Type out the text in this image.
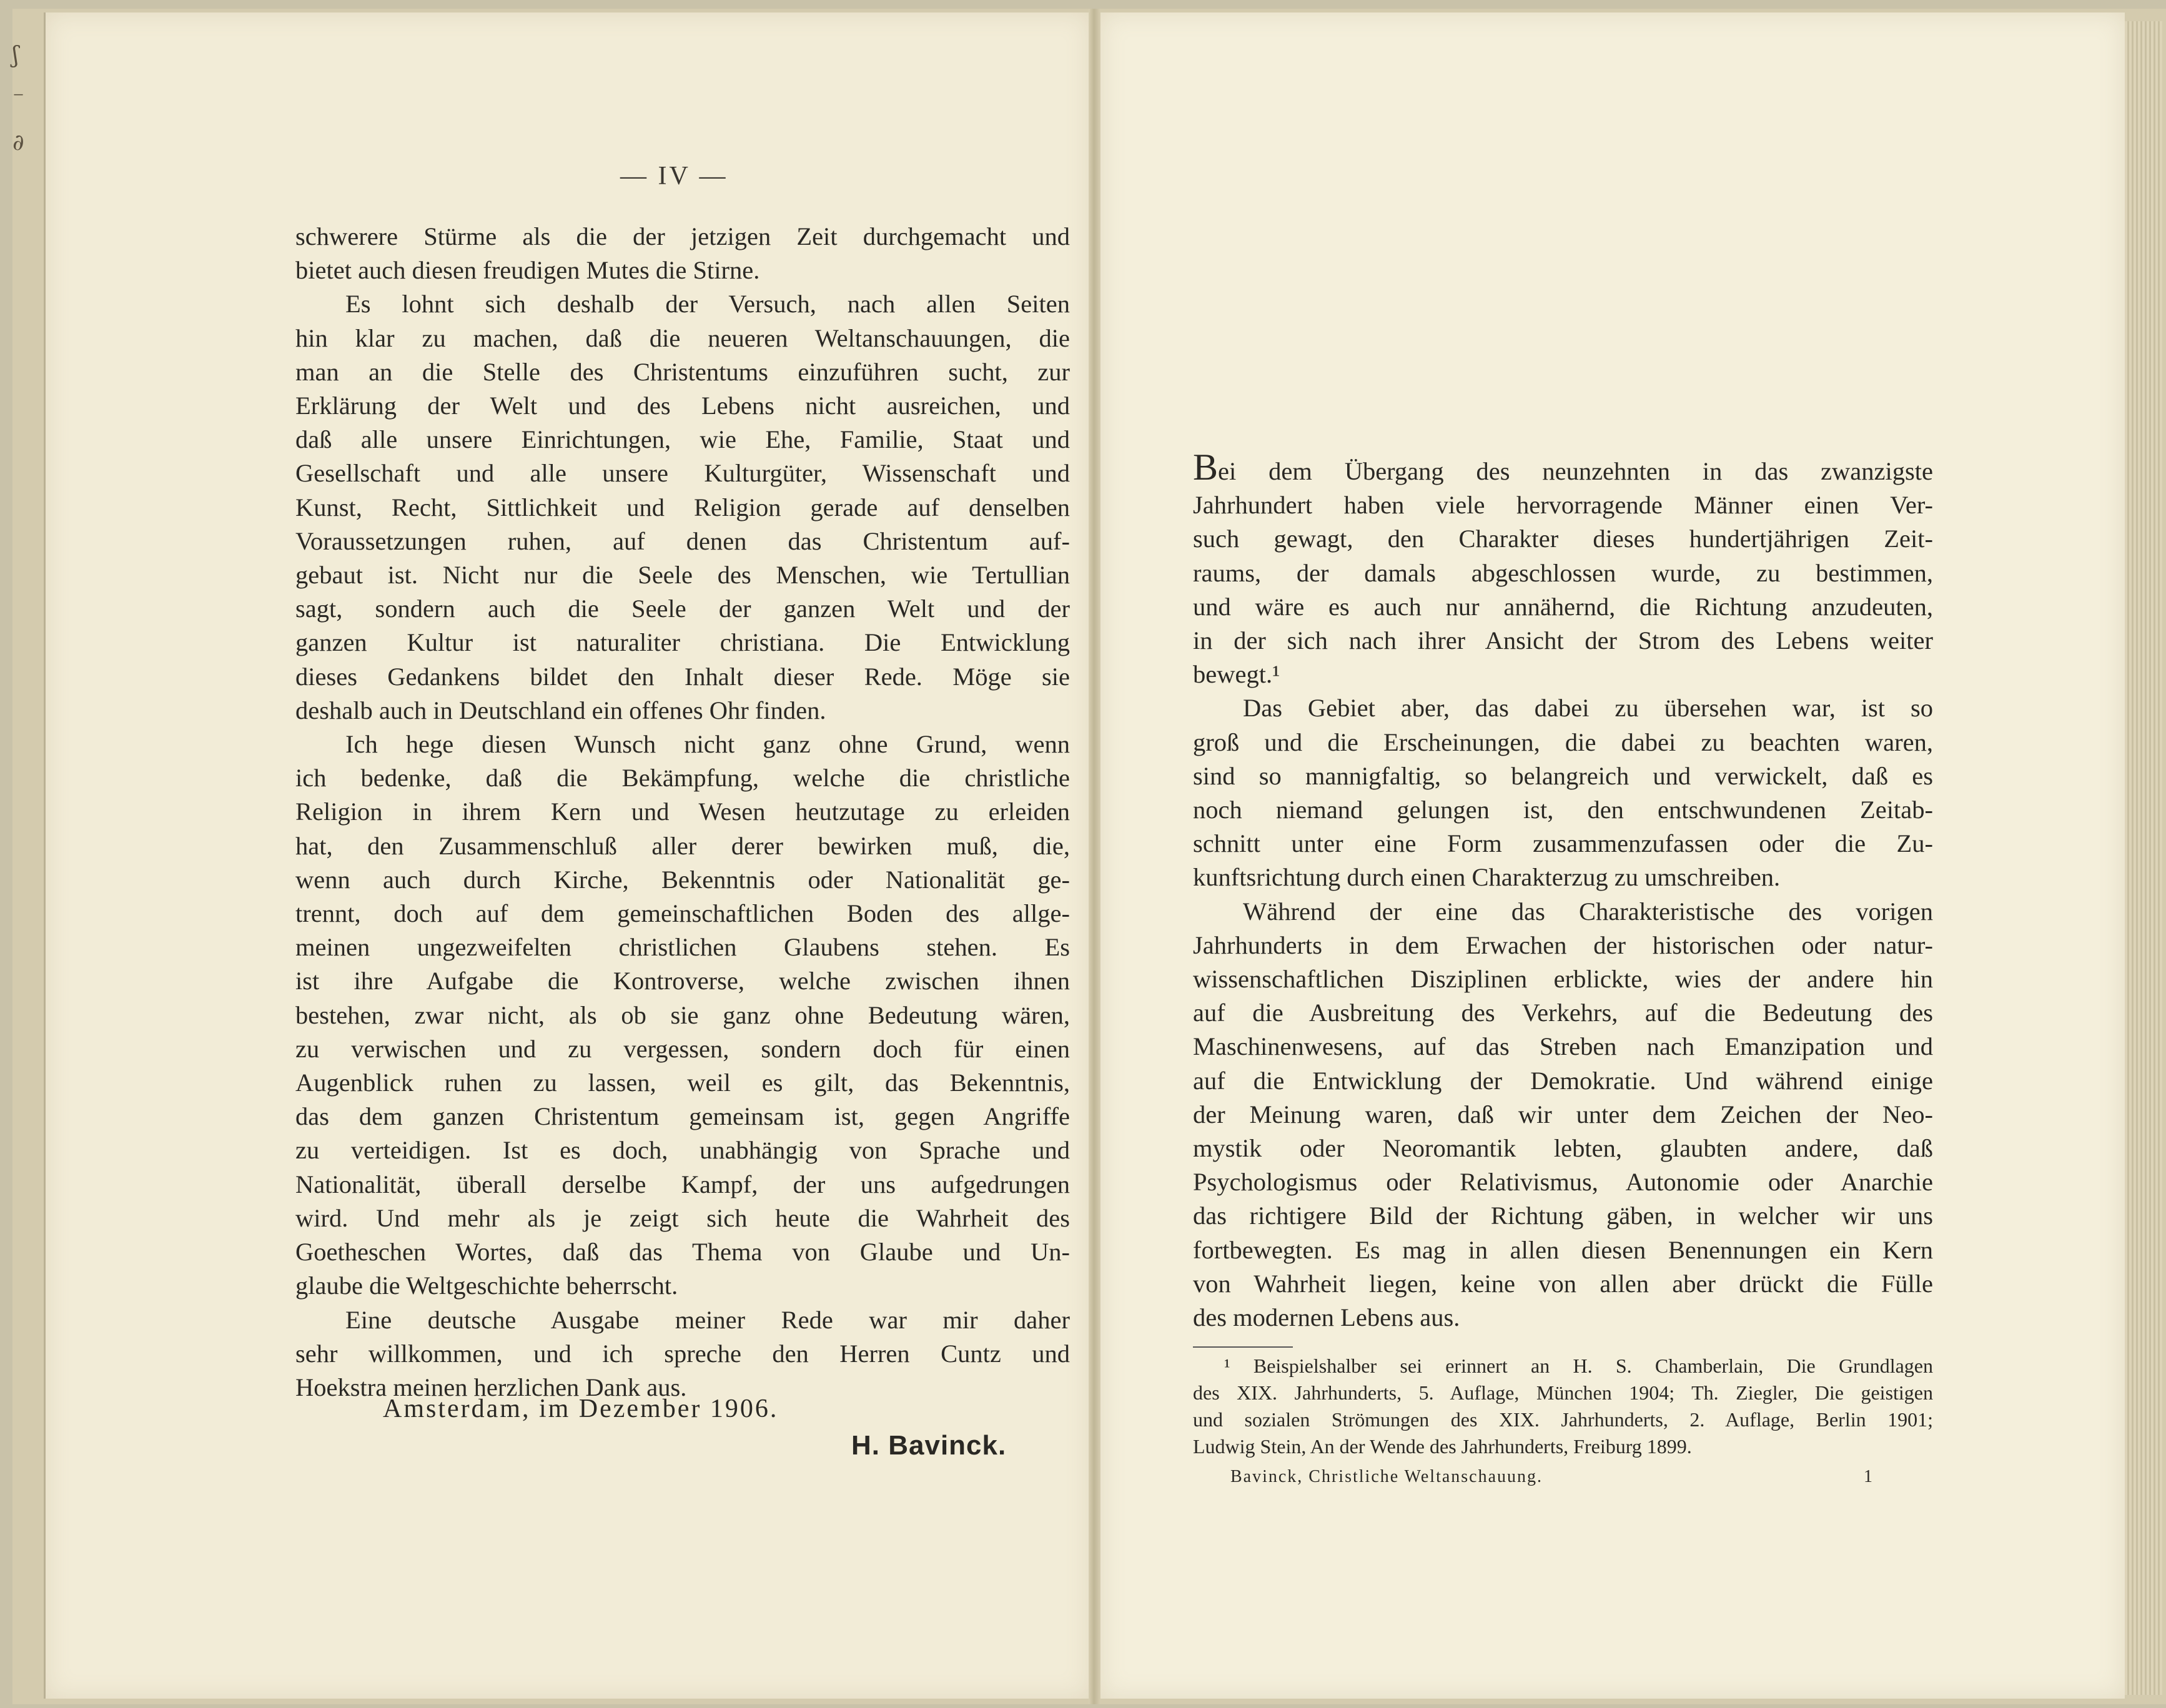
ʃ
⁻
∂
— IV —

schwerere Stürme als die der jetzigen Zeit durchgemacht und

bietet auch diesen freudigen Mutes die Stirne.

Es lohnt sich deshalb der Versuch, nach allen Seiten

hin klar zu machen, daß die neueren Weltanschauungen, die

man an die Stelle des Christentums einzuführen sucht, zur

Erklärung der Welt und des Lebens nicht ausreichen, und

daß alle unsere Einrichtungen, wie Ehe, Familie, Staat und

Gesellschaft und alle unsere Kulturgüter, Wissenschaft und

Kunst, Recht, Sittlichkeit und Religion gerade auf denselben

Voraussetzungen ruhen, auf denen das Christentum auf-

gebaut ist. Nicht nur die Seele des Menschen, wie Tertullian

sagt, sondern auch die Seele der ganzen Welt und der

ganzen Kultur ist naturaliter christiana. Die Entwicklung

dieses Gedankens bildet den Inhalt dieser Rede. Möge sie

deshalb auch in Deutschland ein offenes Ohr finden.

Ich hege diesen Wunsch nicht ganz ohne Grund, wenn

ich bedenke, daß die Bekämpfung, welche die christliche

Religion in ihrem Kern und Wesen heutzutage zu erleiden

hat, den Zusammenschluß aller derer bewirken muß, die,

wenn auch durch Kirche, Bekenntnis oder Nationalität ge-

trennt, doch auf dem gemeinschaftlichen Boden des allge-

meinen ungezweifelten christlichen Glaubens stehen. Es

ist ihre Aufgabe die Kontroverse, welche zwischen ihnen

bestehen, zwar nicht, als ob sie ganz ohne Bedeutung wären,

zu verwischen und zu vergessen, sondern doch für einen

Augenblick ruhen zu lassen, weil es gilt, das Bekenntnis,

das dem ganzen Christentum gemeinsam ist, gegen Angriffe

zu verteidigen. Ist es doch, unabhängig von Sprache und

Nationalität, überall derselbe Kampf, der uns aufgedrungen

wird. Und mehr als je zeigt sich heute die Wahrheit des

Goetheschen Wortes, daß das Thema von Glaube und Un-

glaube die Weltgeschichte beherrscht.

Eine deutsche Ausgabe meiner Rede war mir daher

sehr willkommen, und ich spreche den Herren Cuntz und

Hoekstra meinen herzlichen Dank aus.

Amsterdam, im Dezember 1906.
H. Bavinck.

Bei dem Übergang des neunzehnten in das zwanzigste

Jahrhundert haben viele hervorragende Männer einen Ver-

such gewagt, den Charakter dieses hundertjährigen Zeit-

raums, der damals abgeschlossen wurde, zu bestimmen,

und wäre es auch nur annähernd, die Richtung anzudeuten,

in der sich nach ihrer Ansicht der Strom des Lebens weiter

bewegt.¹

Das Gebiet aber, das dabei zu übersehen war, ist so

groß und die Erscheinungen, die dabei zu beachten waren,

sind so mannigfaltig, so belangreich und verwickelt, daß es

noch niemand gelungen ist, den entschwundenen Zeitab-

schnitt unter eine Form zusammenzufassen oder die Zu-

kunftsrichtung durch einen Charakterzug zu umschreiben.

Während der eine das Charakteristische des vorigen

Jahrhunderts in dem Erwachen der historischen oder natur-

wissenschaftlichen Disziplinen erblickte, wies der andere hin

auf die Ausbreitung des Verkehrs, auf die Bedeutung des

Maschinenwesens, auf das Streben nach Emanzipation und

auf die Entwicklung der Demokratie. Und während einige

der Meinung waren, daß wir unter dem Zeichen der Neo-

mystik oder Neoromantik lebten, glaubten andere, daß

Psychologismus oder Relativismus, Autonomie oder Anarchie

das richtigere Bild der Richtung gäben, in welcher wir uns

fortbewegten. Es mag in allen diesen Benennungen ein Kern

von Wahrheit liegen, keine von allen aber drückt die Fülle

des modernen Lebens aus.

¹ Beispielshalber sei erinnert an H. S. Chamberlain, Die Grundlagen

des XIX. Jahrhunderts, 5. Auflage, München 1904; Th. Ziegler, Die geistigen

und sozialen Strömungen des XIX. Jahrhunderts, 2. Auflage, Berlin 1901;

Ludwig Stein, An der Wende des Jahrhunderts, Freiburg 1899.

Bavinck, Christliche Weltanschauung.	1
